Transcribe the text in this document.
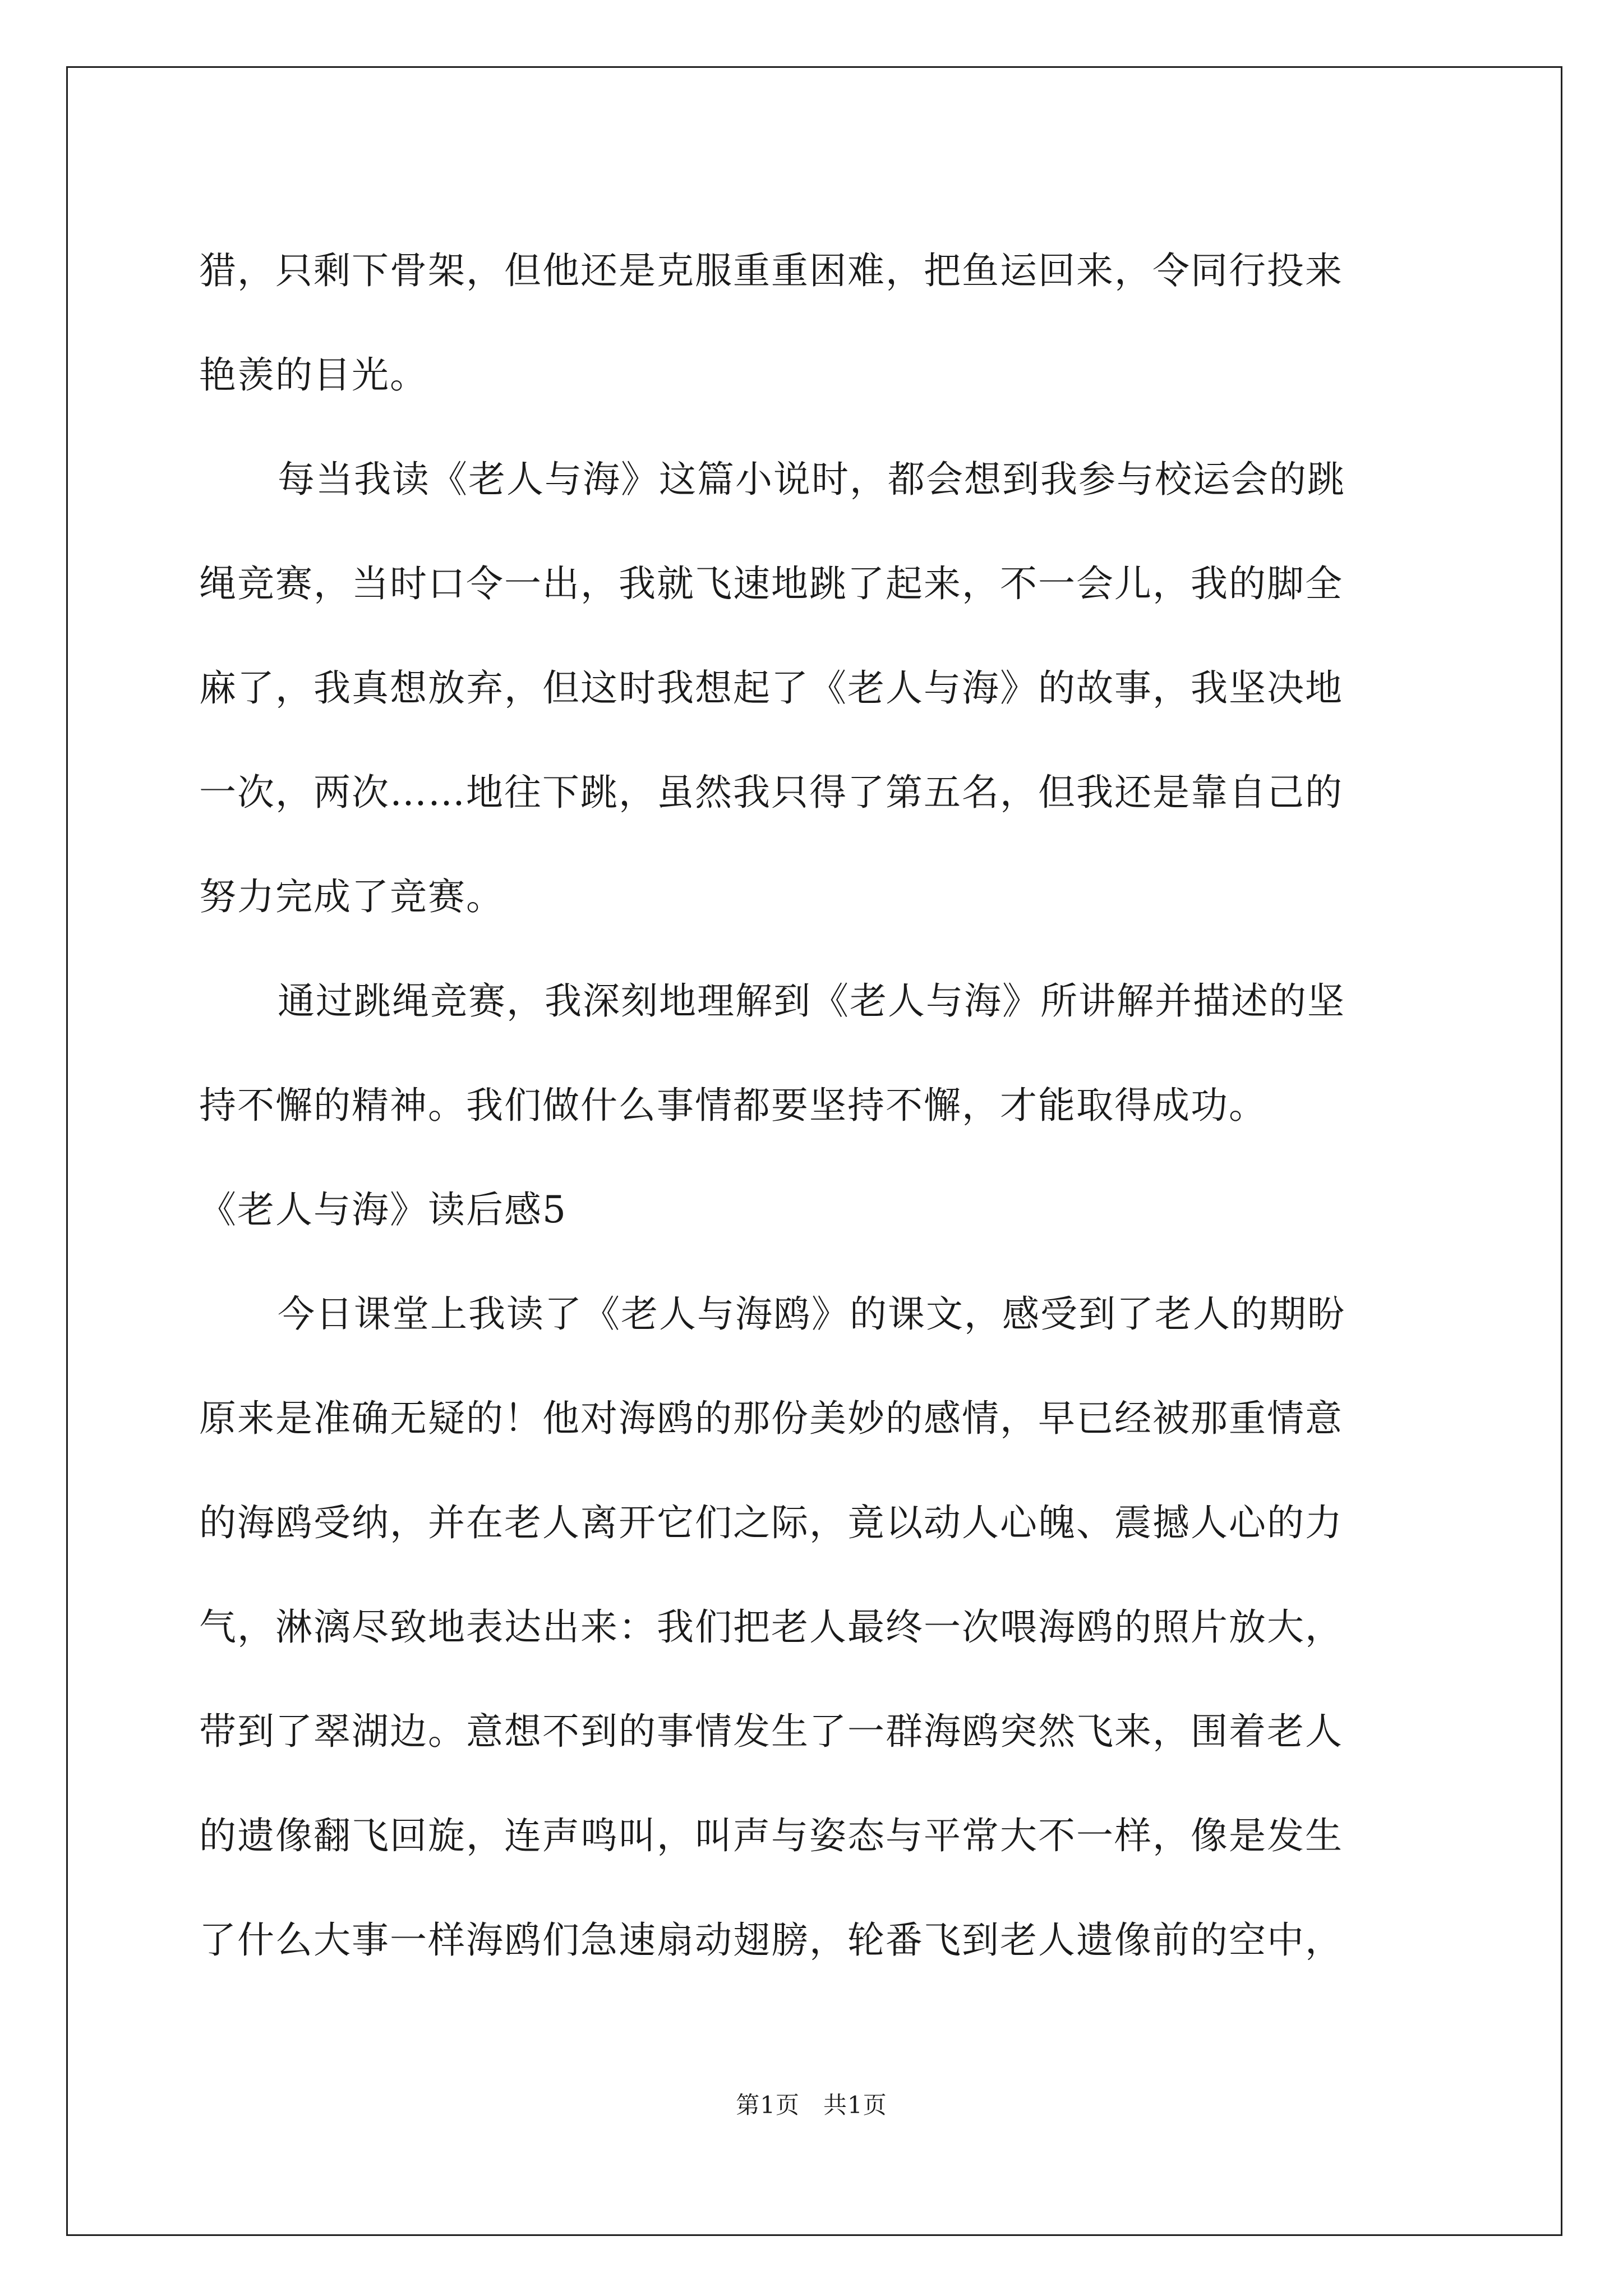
猎，只剩下骨架，但他还是克服重重困难，把鱼运回来，令同行投来
艳羡的目光。
每当我读《老人与海》这篇小说时，都会想到我参与校运会的跳
绳竞赛，当时口令一出，我就飞速地跳了起来，不一会儿，我的脚全
麻了，我真想放弃，但这时我想起了《老人与海》的故事，我坚决地
一次，两次……地往下跳，虽然我只得了第五名，但我还是靠自己的
努力完成了竞赛。
通过跳绳竞赛，我深刻地理解到《老人与海》所讲解并描述的坚
持不懈的精神。我们做什么事情都要坚持不懈，才能取得成功。
《老人与海》读后感5
今日课堂上我读了《老人与海鸥》的课文，感受到了老人的期盼
原来是准确无疑的！他对海鸥的那份美妙的感情，早已经被那重情意
的海鸥受纳，并在老人离开它们之际，竟以动人心魄、震撼人心的力
气，淋漓尽致地表达出来：我们把老人最终一次喂海鸥的照片放大，
带到了翠湖边。意想不到的事情发生了一群海鸥突然飞来，围着老人
的遗像翻飞回旋，连声鸣叫，叫声与姿态与平常大不一样，像是发生
了什么大事一样海鸥们急速扇动翅膀，轮番飞到老人遗像前的空中，
第1页 共1页
